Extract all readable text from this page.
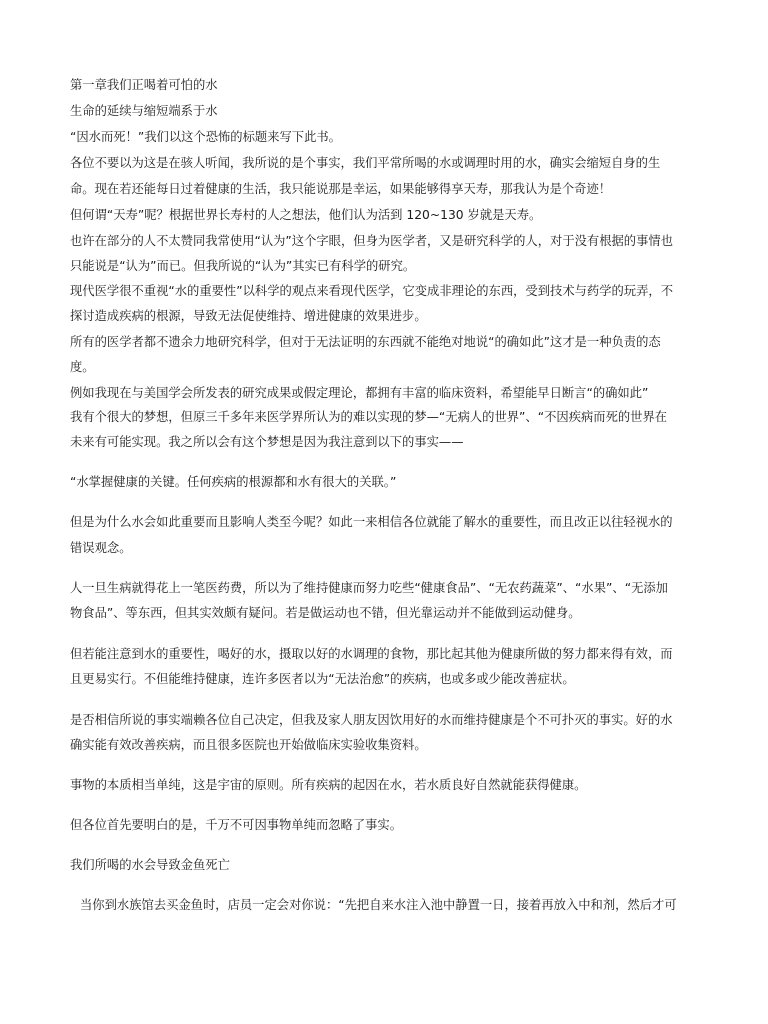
第一章我们正喝着可怕的水
生命的延续与缩短端系于水
“因水而死！”我们以这个恐怖的标题来写下此书。
各位不要以为这是在骇人听闻，我所说的是个事实，我们平常所喝的水或调理时用的水，确实会缩短自身的生
命。现在若还能每日过着健康的生活，我只能说那是幸运，如果能够得享天寿，那我认为是个奇迹！
但何谓“天寿”呢？根据世界长寿村的人之想法，他们认为活到 120~130 岁就是天寿。
也许在部分的人不太赞同我常使用“认为”这个字眼，但身为医学者，又是研究科学的人，对于没有根据的事情也
只能说是“认为”而已。但我所说的“认为”其实已有科学的研究。
现代医学很不重视“水的重要性”以科学的观点来看现代医学，它变成非理论的东西，受到技术与药学的玩弄，不
探讨造成疾病的根源，导致无法促使维持、增进健康的效果进步。
所有的医学者都不遗余力地研究科学，但对于无法证明的东西就不能绝对地说“的确如此”这才是一种负责的态
度。
例如我现在与美国学会所发表的研究成果或假定理论，都拥有丰富的临床资料，希望能早日断言“的确如此”
我有个很大的梦想，但原三千多年来医学界所认为的难以实现的梦—“无病人的世界”、“不因疾病而死的世界在
未来有可能实现。我之所以会有这个梦想是因为我注意到以下的事实——
“水掌握健康的关键。任何疾病的根源都和水有很大的关联。”
但是为什么水会如此重要而且影响人类至今呢？如此一来相信各位就能了解水的重要性，而且改正以往轻视水的
错误观念。
人一旦生病就得花上一笔医药费，所以为了维持健康而努力吃些“健康食品”、“无农药蔬菜”、“水果”、“无添加
物食品”、等东西，但其实效颇有疑问。若是做运动也不错，但光靠运动并不能做到运动健身。
但若能注意到水的重要性，喝好的水，摄取以好的水调理的食物，那比起其他为健康所做的努力都来得有效，而
且更易实行。不但能维持健康，连许多医者以为“无法治愈”的疾病，也或多或少能改善症状。
是否相信所说的事实端赖各位自己决定，但我及家人朋友因饮用好的水而维持健康是个不可扑灭的事实。好的水
确实能有效改善疾病，而且很多医院也开始做临床实验收集资料。
事物的本质相当单纯，这是宇宙的原则。所有疾病的起因在水，若水质良好自然就能获得健康。
但各位首先要明白的是，千万不可因事物单纯而忽略了事实。
我们所喝的水会导致金鱼死亡
当你到水族馆去买金鱼时，店员一定会对你说：“先把自来水注入池中静置一日，接着再放入中和剂，然后才可
